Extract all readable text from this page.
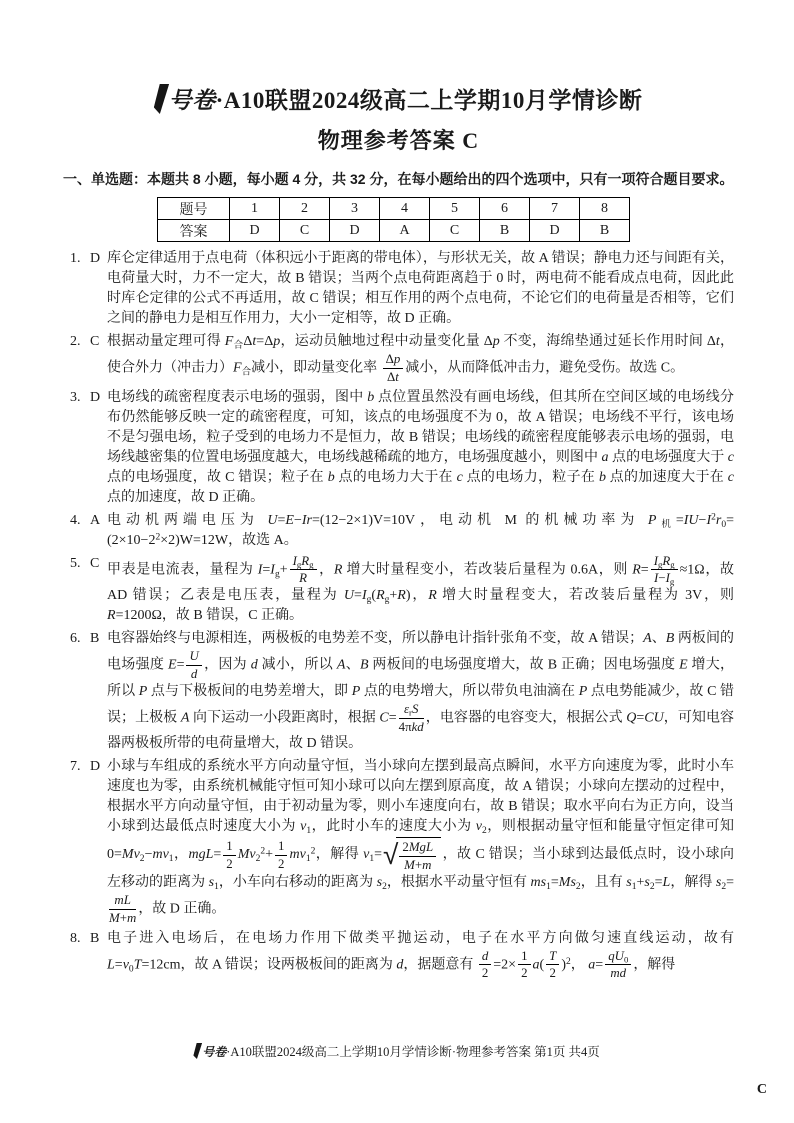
号卷·A10联盟2024级高二上学期10月学情诊断
物理参考答案 C
一、单选题：本题共 8 小题，每小题 4 分，共 32 分，在每小题给出的四个选项中，只有一项符合题目要求。
题号	1	2	3	4	5	6	7	8
答案	D	C	D	A	C	B	D	B
1. D 库仑定律适用于点电荷（体积远小于距离的带电体），与形状无关，故 A 错误；静电力还与间距有关，电荷量大时，力不一定大，故 B 错误；当两个点电荷距离趋于 0 时，两电荷不能看成点电荷，因此此时库仑定律的公式不再适用，故 C 错误；相互作用的两个点电荷，不论它们的电荷量是否相等，它们之间的静电力是相互作用力，大小一定相等，故 D 正确。
2. C 根据动量定理可得 $F_合\Delta t=\Delta p$，运动员触地过程中动量变化量 Δp 不变，海绵垫通过延长作用时间 Δt，使合外力（冲击力）$F_合$减小，即动量变化率 $\frac{\Delta p}{\Delta t}$ 减小，从而降低冲击力，避免受伤。故选 C。
3. D 电场线的疏密程度表示电场的强弱，图中 b 点位置虽然没有画电场线，但其所在空间区域的电场线分布仍然能够反映一定的疏密程度，可知，该点的电场强度不为 0，故 A 错误；电场线不平行，该电场不是匀强电场，粒子受到的电场力不是恒力，故 B 错误；电场线的疏密程度能够表示电场的强弱，电场线越密集的位置电场强度越大，电场线越稀疏的地方，电场强度越小，则图中 a 点的电场强度大于 c 点的电场强度，故 C 错误；粒子在 b 点的电场力大于在 c 点的电场力，粒子在 b 点的加速度大于在 c 点的加速度，故 D 正确。
4. A 电动机两端电压为 U=E−Ir=(12−2×1)V=10V，电动机 M 的机械功率为 $P_机=IU-I^2r_0=(2\times 10-2^2\times 2)W=12W$，故选 A。
5. C 甲表是电流表，量程为 $I=I_g+ \frac{I_gR_g}{R}$ ，R 增大时量程变小，若改装后量程为 0.6A，则 $R= \frac{I_gR_g}{I-I_g} \approx 1\Omega$，故 AD 错误；乙表是电压表，量程为 $U=I_g(R_g+R)$，R 增大时量程变大，若改装后量程为 3V，则 R=1200Ω，故 B 错误，C 正确。
6. B 电容器始终与电源相连，两极板的电势差不变，所以静电计指针张角不变，故 A 错误；A、B 两板间的电场强度 $E= \frac{U}{d}$ ，因为 d 减小，所以 A、B 两板间的电场强度增大，故 B 正确；因电场强度 E 增大，所以 P 点与下极板间的电势差增大，即 P 点的电势增大，所以带负电油滴在 P 点电势能减少，故 C 错误；上极板 A 向下运动一小段距离时，根据 $C= \frac{\varepsilon_rS}{\text{4πkd}}$ ，电容器的电容变大，根据公式 Q=CU，可知电容器两极板所带的电荷量增大，故 D 错误。
7. D 小球与车组成的系统水平方向动量守恒，当小球向左摆到最高点瞬间，水平方向速度为零，此时小车速度也为零，由系统机械能守恒可知小球可以向左摆到原高度，故 A 错误；小球向左摆动的过程中，根据水平方向动量守恒，由于初动量为零，则小车速度向右，故 B 错误；取水平向右为正方向，设当小球到达最低点时速度大小为 $v_1$，此时小车的速度大小为 $v_2$，则根据动量守恒和能量守恒定律可知 $0=Mv_2-mv_1$，$mgL= \frac{1}{2} Mv_2^2+ \frac{1}{2} mv_1^2$，解得 $v_1=$ √ $\frac{\text{2MgL}}{M+m}$ ，故 C 错误；当小球到达最低点时，设小球向左移动的距离为 $s_1$，小车向右移动的距离为 $s_2$，根据水平动量守恒有 $ms_1=Ms_2$，且有 $s_1+s_2=L$，解得 $s_2=$
$\frac{mL}{M+m}$ ，故 D 正确。
8. B 电子进入电场后，在电场力作用下做类平抛运动，电子在水平方向做匀速直线运动，故有 $L=v_0T=12cm$，故 A 错误；设两极板间的距离为 d，据题意有 $\frac{d}{2} =2\times \frac{1}{2} a( \frac{T}{2} )^2$， $a= \frac{qU_0}{md}$ ，解得
号卷·A10联盟2024级高二上学期10月学情诊断·物理参考答案 第1页 共4页
C
